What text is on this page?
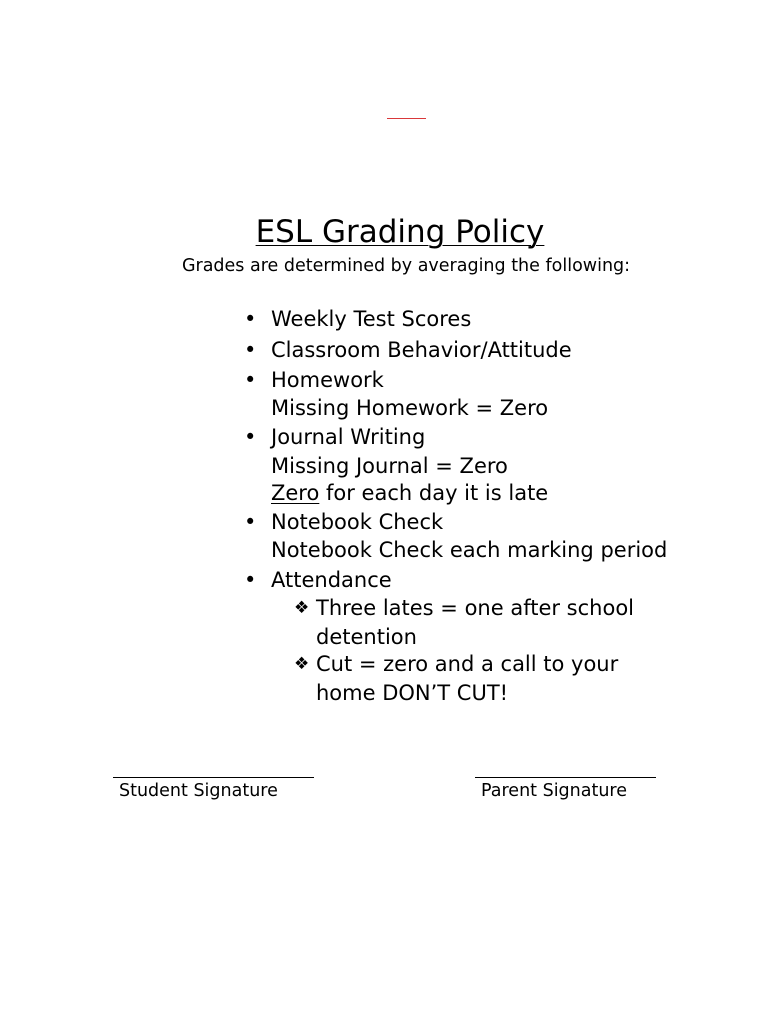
ESL Grading Policy

Grades are determined by averaging the following:

• Weekly Test Scores
• Classroom Behavior/Attitude
• Homework
Missing Homework = Zero
• Journal Writing
Missing Journal = Zero
Zero for each day it is late
• Notebook Check
Notebook Check each marking period
• Attendance
❖ Three lates = one after school
detention
❖ Cut = zero and a call to your
home DON’T CUT!
Student Signature	Parent Signature
